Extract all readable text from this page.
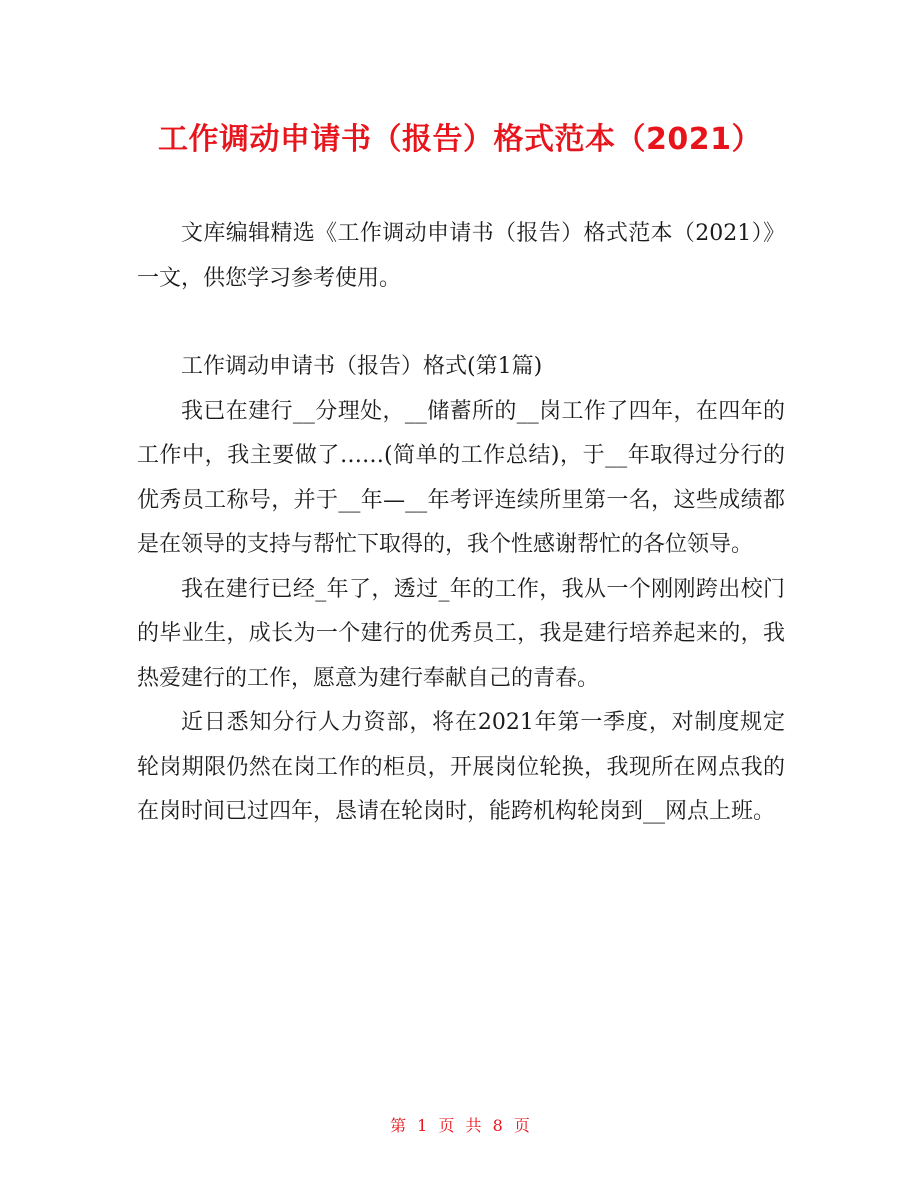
工作调动申请书（报告）格式范本（2021）

文库编辑精选《工作调动申请书（报告）格式范本（2021）》一文，供您学习参考使用。

工作调动申请书（报告）格式(第1篇)

我已在建行__分理处，__储蓄所的__岗工作了四年，在四年的工作中，我主要做了……(简单的工作总结)，于__年取得过分行的优秀员工称号，并于__年—__年考评连续所里第一名，这些成绩都是在领导的支持与帮忙下取得的，我个性感谢帮忙的各位领导。

我在建行已经_年了，透过_年的工作，我从一个刚刚跨出校门的毕业生，成长为一个建行的优秀员工，我是建行培养起来的，我热爱建行的工作，愿意为建行奉献自己的青春。

近日悉知分行人力资部，将在2021年第一季度，对制度规定轮岗期限仍然在岗工作的柜员，开展岗位轮换，我现所在网点我的在岗时间已过四年，恳请在轮岗时，能跨机构轮岗到__网点上班。

第 1 页 共 8 页
